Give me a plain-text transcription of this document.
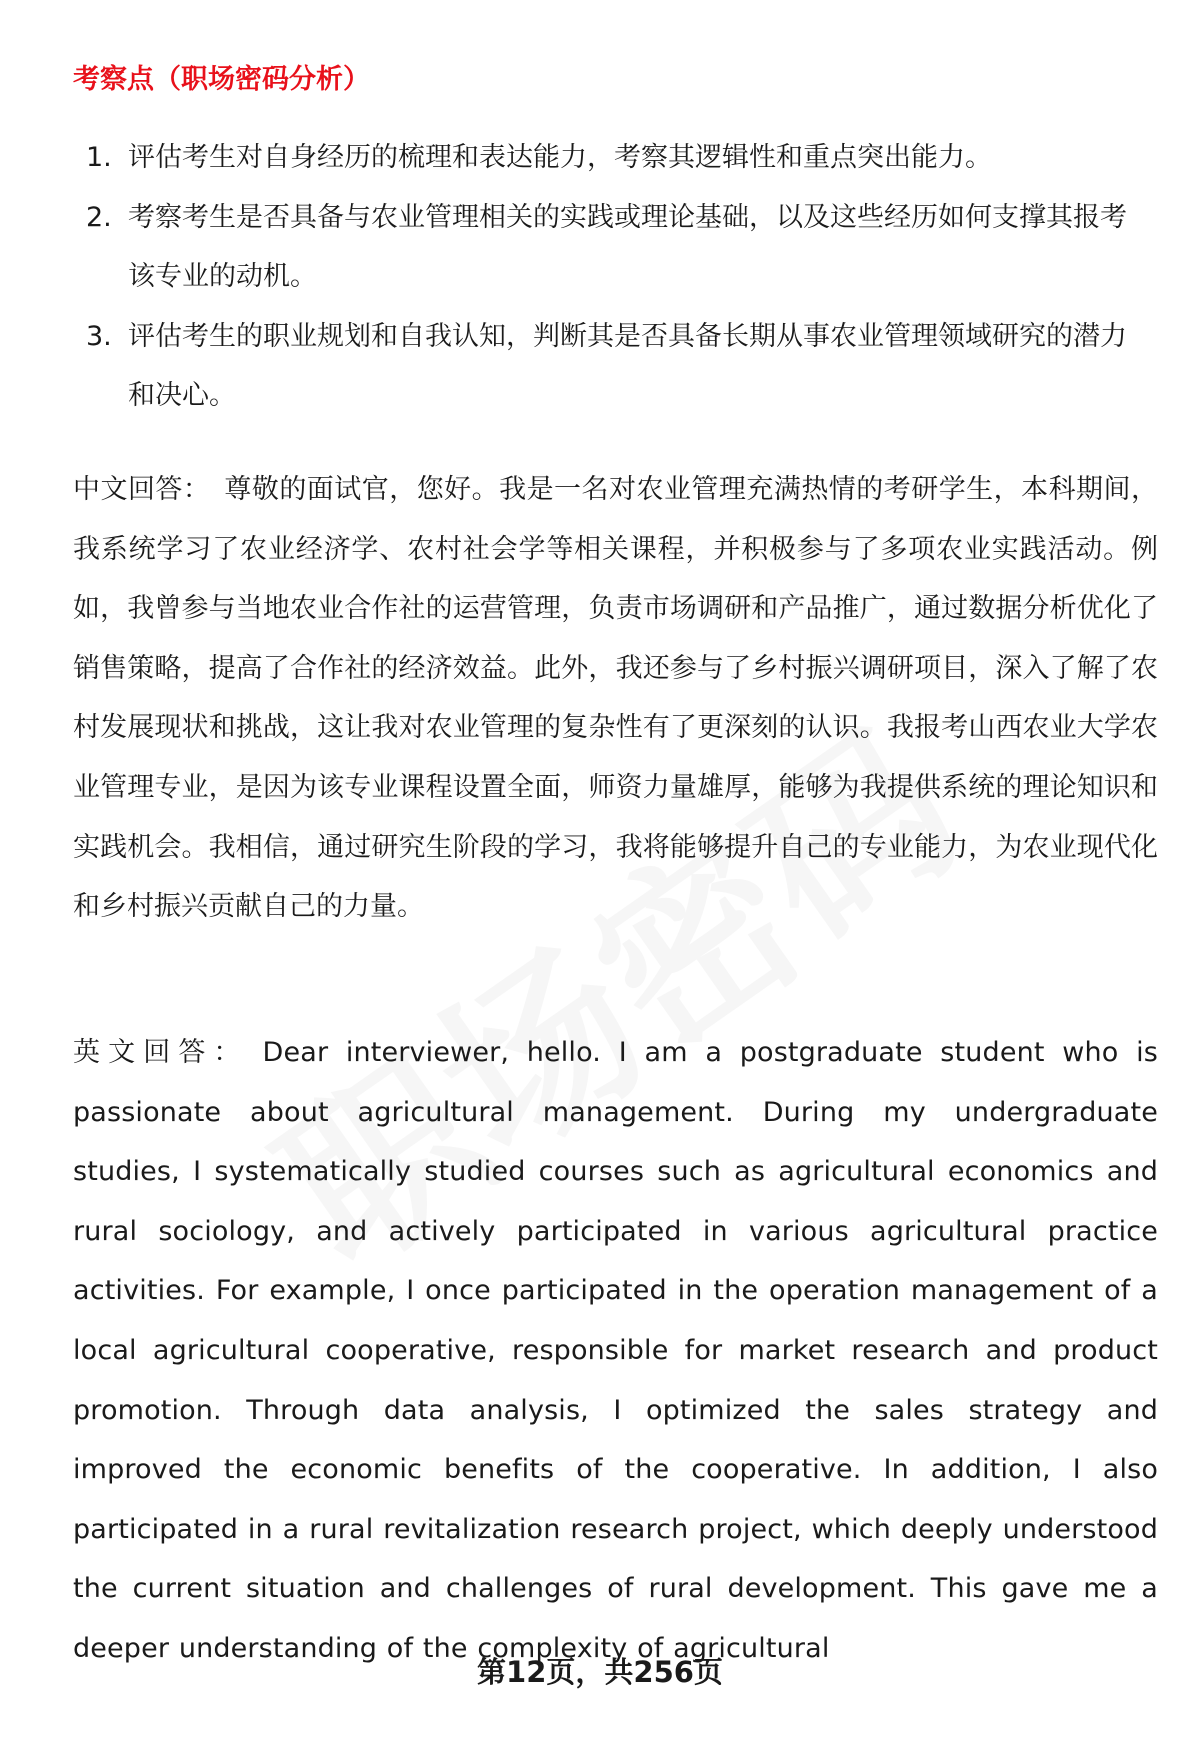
考察点（职场密码分析）
1. 评估考生对自身经历的梳理和表达能力，考察其逻辑性和重点突出能力。
2. 考察考生是否具备与农业管理相关的实践或理论基础，以及这些经历如何支撑其报考该专业的动机。
3. 评估考生的职业规划和自我认知，判断其是否具备长期从事农业管理领域研究的潜力和决心。

中文回答： 尊敬的面试官，您好。我是一名对农业管理充满热情的考研学生，本科期间，我系统学习了农业经济学、农村社会学等相关课程，并积极参与了多项农业实践活动。例如，我曾参与当地农业合作社的运营管理，负责市场调研和产品推广，通过数据分析优化了销售策略，提高了合作社的经济效益。此外，我还参与了乡村振兴调研项目，深入了解了农村发展现状和挑战，这让我对农业管理的复杂性有了更深刻的认识。我报考山西农业大学农业管理专业，是因为该专业课程设置全面，师资力量雄厚，能够为我提供系统的理论知识和实践机会。我相信，通过研究生阶段的学习，我将能够提升自己的专业能力，为农业现代化和乡村振兴贡献自己的力量。

英文回答： Dear interviewer, hello. I am a postgraduate student who is passionate about agricultural management. During my undergraduate studies, I systematically studied courses such as agricultural economics and rural sociology, and actively participated in various agricultural practice activities. For example, I once participated in the operation management of a local agricultural cooperative, responsible for market research and product promotion. Through data analysis, I optimized the sales strategy and improved the economic benefits of the cooperative. In addition, I also participated in a rural revitalization research project, which deeply understood the current situation and challenges of rural development. This gave me a deeper understanding of the complexity of agricultural

第12页，共256页
